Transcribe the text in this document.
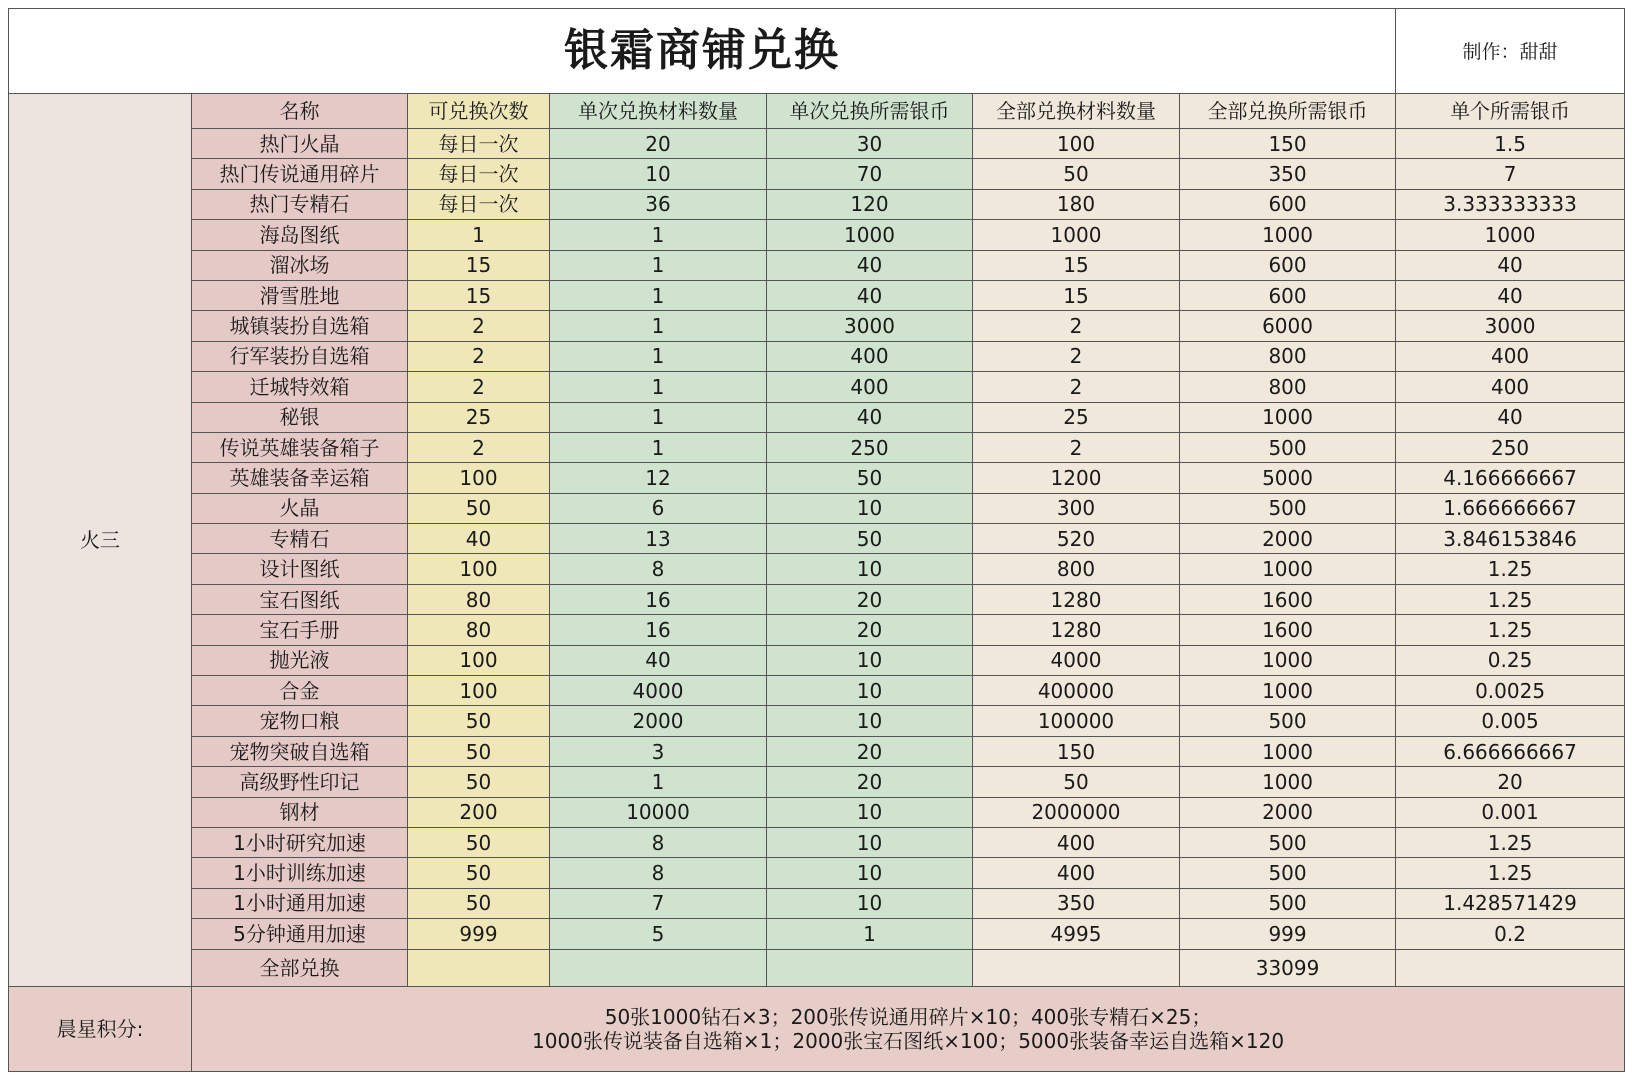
银霜商铺兑换							制作：甜甜
火三	名称	可兑换次数	单次兑换材料数量	单次兑换所需银币	全部兑换材料数量	全部兑换所需银币	单个所需银币
	热门火晶	每日一次	20	30	100	150	1.5
	热门传说通用碎片	每日一次	10	70	50	350	7
	热门专精石	每日一次	36	120	180	600	3.333333333
	海岛图纸	1	1	1000	1000	1000	1000
	溜冰场	15	1	40	15	600	40
	滑雪胜地	15	1	40	15	600	40
	城镇装扮自选箱	2	1	3000	2	6000	3000
	行军装扮自选箱	2	1	400	2	800	400
	迁城特效箱	2	1	400	2	800	400
	秘银	25	1	40	25	1000	40
	传说英雄装备箱子	2	1	250	2	500	250
	英雄装备幸运箱	100	12	50	1200	5000	4.166666667
	火晶	50	6	10	300	500	1.666666667
	专精石	40	13	50	520	2000	3.846153846
	设计图纸	100	8	10	800	1000	1.25
	宝石图纸	80	16	20	1280	1600	1.25
	宝石手册	80	16	20	1280	1600	1.25
	抛光液	100	40	10	4000	1000	0.25
	合金	100	4000	10	400000	1000	0.0025
	宠物口粮	50	2000	10	100000	500	0.005
	宠物突破自选箱	50	3	20	150	1000	6.666666667
	高级野性印记	50	1	20	50	1000	20
	钢材	200	10000	10	2000000	2000	0.001
	1小时研究加速	50	8	10	400	500	1.25
	1小时训练加速	50	8	10	400	500	1.25
	1小时通用加速	50	7	10	350	500	1.428571429
	5分钟通用加速	999	5	1	4995	999	0.2
	全部兑换					33099	
晨星积分:	50张1000钻石×3；200张传说通用碎片×10；400张专精石×25；
1000张传说装备自选箱×1；2000张宝石图纸×100；5000张装备幸运自选箱×120						
